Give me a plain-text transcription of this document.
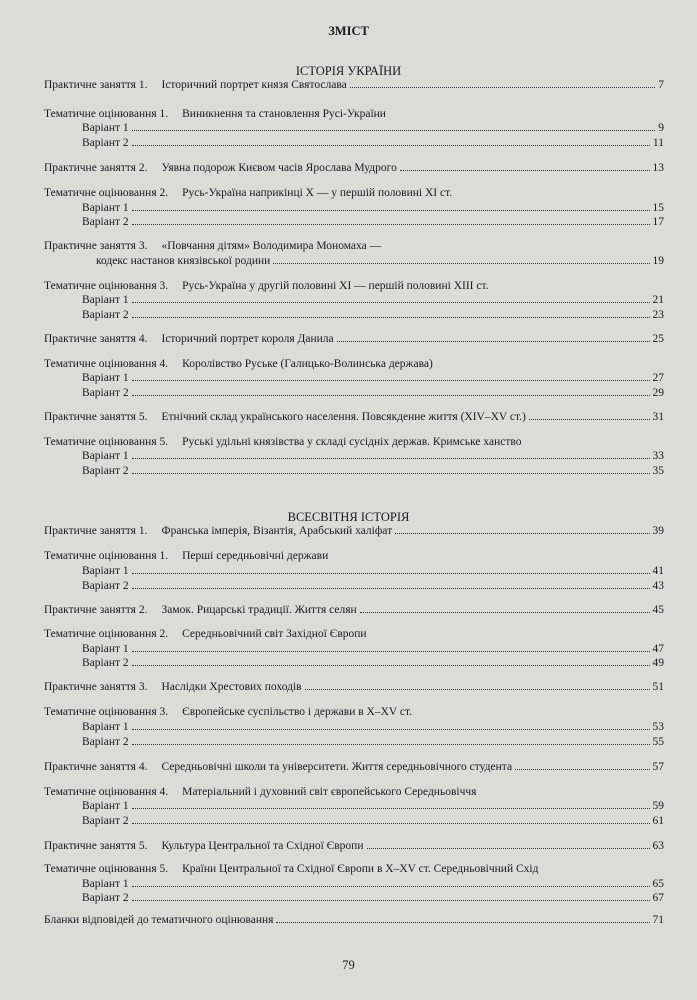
ЗМІСТ
ІСТОРІЯ УКРАЇНИ
Практичне заняття 1. Історичний портрет князя Святослава	7
Тематичне оцінювання 1. Виникнення та становлення Русі-України
Варіант 1	9
Варіант 2	11
Практичне заняття 2. Уявна подорож Києвом часів Ярослава Мудрого	13
Тематичне оцінювання 2. Русь-Україна наприкінці X — у першій половині XI ст.
Варіант 1	15
Варіант 2	17
Практичне заняття 3. «Повчання дітям» Володимира Мономаха —
кодекс настанов князівської родини	19
Тематичне оцінювання 3. Русь-Україна у другій половині XI — першій половині XIII ст.
Варіант 1	21
Варіант 2	23
Практичне заняття 4. Історичний портрет короля Данила	25
Тематичне оцінювання 4. Королівство Руське (Галицько-Волинська держава)
Варіант 1	27
Варіант 2	29
Практичне заняття 5. Етнічний склад українського населення. Повсякденне життя (XIV–XV ст.)	31
Тематичне оцінювання 5. Руські удільні князівства у складі сусідніх держав. Кримське ханство
Варіант 1	33
Варіант 2	35
ВСЕСВІТНЯ ІСТОРІЯ
Практичне заняття 1. Франська імперія, Візантія, Арабський халіфат	39
Тематичне оцінювання 1. Перші середньовічні держави
Варіант 1	41
Варіант 2	43
Практичне заняття 2. Замок. Рицарські традиції. Життя селян	45
Тематичне оцінювання 2. Середньовічний світ Західної Європи
Варіант 1	47
Варіант 2	49
Практичне заняття 3. Наслідки Хрестових походів	51
Тематичне оцінювання 3. Європейське суспільство і держави в X–XV ст.
Варіант 1	53
Варіант 2	55
Практичне заняття 4. Середньовічні школи та університети. Життя середньовічного студента	57
Тематичне оцінювання 4. Матеріальний і духовний світ європейського Середньовіччя
Варіант 1	59
Варіант 2	61
Практичне заняття 5. Культура Центральної та Східної Європи	63
Тематичне оцінювання 5. Країни Центральної та Східної Європи в X–XV ст. Середньовічний Схід
Варіант 1	65
Варіант 2	67
Бланки відповідей до тематичного оцінювання	71
79
